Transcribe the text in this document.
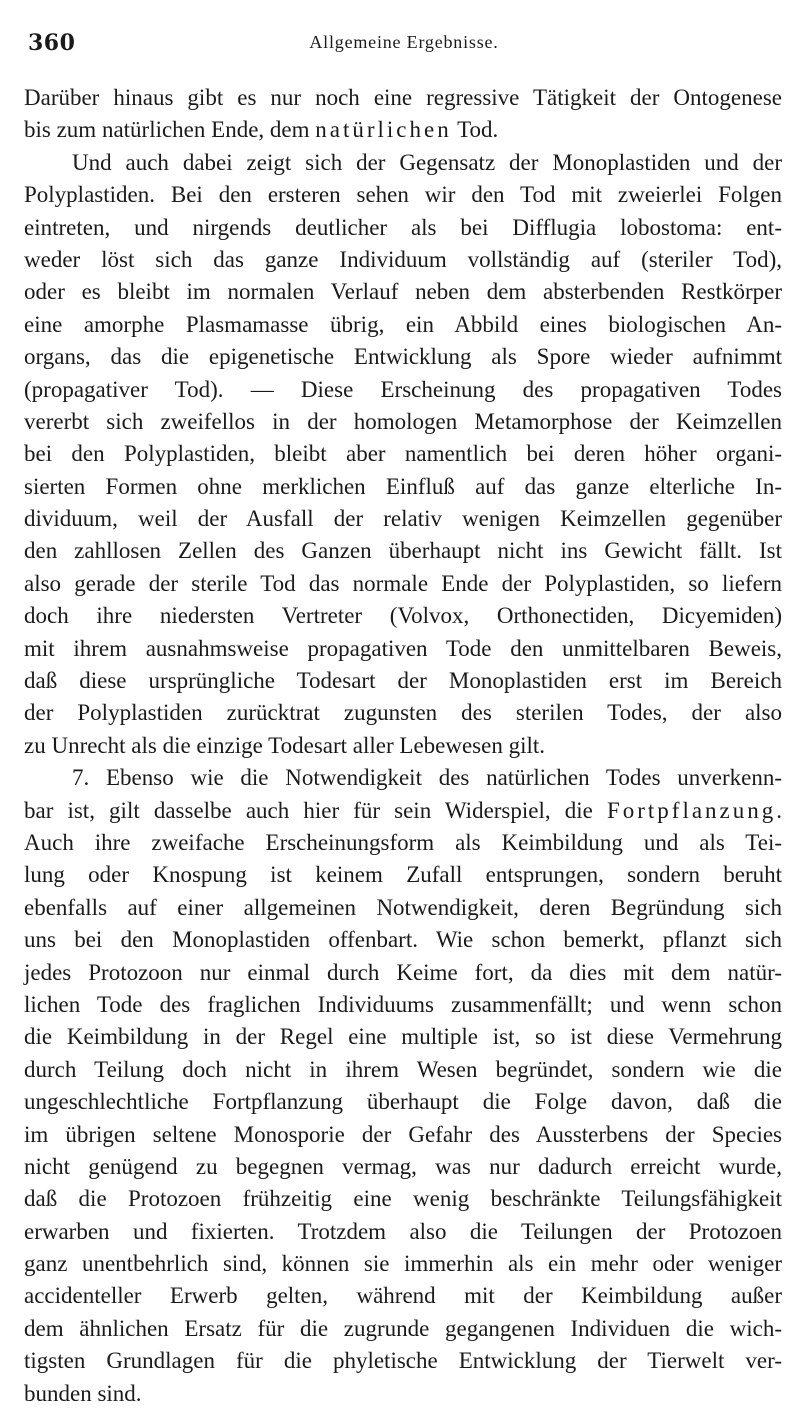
360	Allgemeine Ergebnisse.
Darüber hinaus gibt es nur noch eine regressive Tätigkeit der Ontogenese
bis zum natürlichen Ende, dem natürlichen Tod.
Und auch dabei zeigt sich der Gegensatz der Monoplastiden und der
Polyplastiden. Bei den ersteren sehen wir den Tod mit zweierlei Folgen
eintreten, und nirgends deutlicher als bei Difflugia lobostoma: ent-
weder löst sich das ganze Individuum vollständig auf (steriler Tod),
oder es bleibt im normalen Verlauf neben dem absterbenden Restkörper
eine amorphe Plasmamasse übrig, ein Abbild eines biologischen An-
organs, das die epigenetische Entwicklung als Spore wieder aufnimmt
(propagativer Tod). — Diese Erscheinung des propagativen Todes
vererbt sich zweifellos in der homologen Metamorphose der Keimzellen
bei den Polyplastiden, bleibt aber namentlich bei deren höher organi-
sierten Formen ohne merklichen Einfluß auf das ganze elterliche In-
dividuum, weil der Ausfall der relativ wenigen Keimzellen gegenüber
den zahllosen Zellen des Ganzen überhaupt nicht ins Gewicht fällt. Ist
also gerade der sterile Tod das normale Ende der Polyplastiden, so liefern
doch ihre niedersten Vertreter (Volvox, Orthonectiden, Dicyemiden)
mit ihrem ausnahmsweise propagativen Tode den unmittelbaren Beweis,
daß diese ursprüngliche Todesart der Monoplastiden erst im Bereich
der Polyplastiden zurücktrat zugunsten des sterilen Todes, der also
zu Unrecht als die einzige Todesart aller Lebewesen gilt.
7. Ebenso wie die Notwendigkeit des natürlichen Todes unverkenn-
bar ist, gilt dasselbe auch hier für sein Widerspiel, die Fortpflanzung.
Auch ihre zweifache Erscheinungsform als Keimbildung und als Tei-
lung oder Knospung ist keinem Zufall entsprungen, sondern beruht
ebenfalls auf einer allgemeinen Notwendigkeit, deren Begründung sich
uns bei den Monoplastiden offenbart. Wie schon bemerkt, pflanzt sich
jedes Protozoon nur einmal durch Keime fort, da dies mit dem natür-
lichen Tode des fraglichen Individuums zusammenfällt; und wenn schon
die Keimbildung in der Regel eine multiple ist, so ist diese Vermehrung
durch Teilung doch nicht in ihrem Wesen begründet, sondern wie die
ungeschlechtliche Fortpflanzung überhaupt die Folge davon, daß die
im übrigen seltene Monosporie der Gefahr des Aussterbens der Species
nicht genügend zu begegnen vermag, was nur dadurch erreicht wurde,
daß die Protozoen frühzeitig eine wenig beschränkte Teilungsfähigkeit
erwarben und fixierten. Trotzdem also die Teilungen der Protozoen
ganz unentbehrlich sind, können sie immerhin als ein mehr oder weniger
accidenteller Erwerb gelten, während mit der Keimbildung außer
dem ähnlichen Ersatz für die zugrunde gegangenen Individuen die wich-
tigsten Grundlagen für die phyletische Entwicklung der Tierwelt ver-
bunden sind.
